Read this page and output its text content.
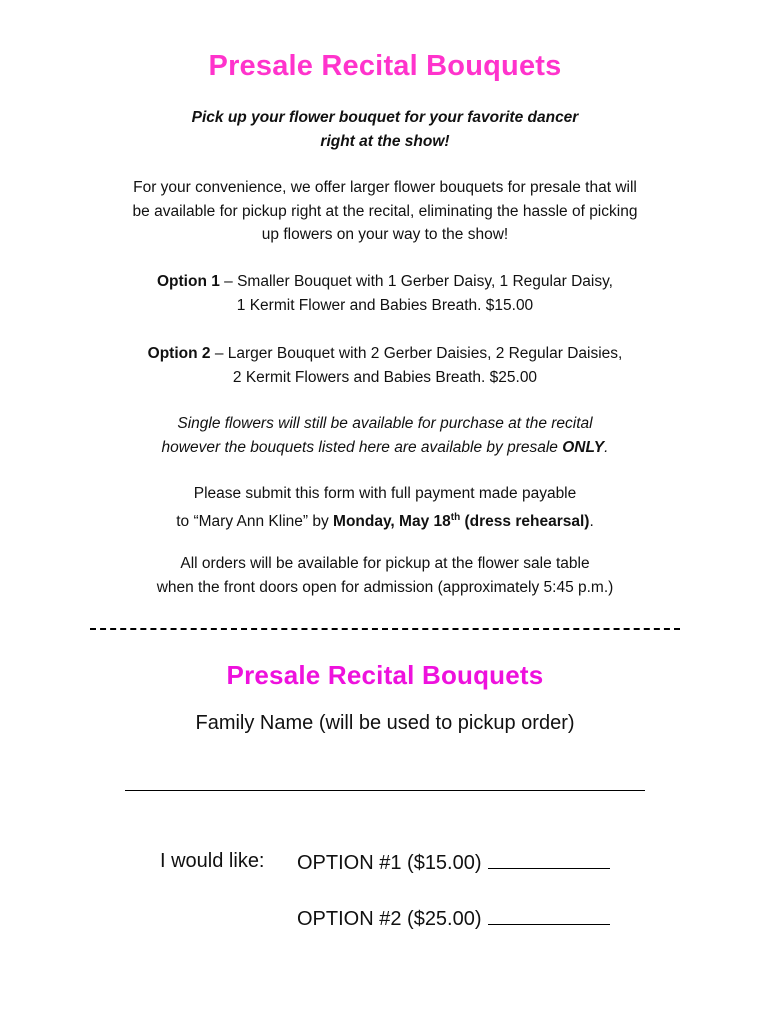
Presale Recital Bouquets
Pick up your flower bouquet for your favorite dancer
right at the show!
For your convenience, we offer larger flower bouquets for presale that will
be available for pickup right at the recital, eliminating the hassle of picking
up flowers on your way to the show!
Option 1 – Smaller Bouquet with 1 Gerber Daisy, 1 Regular Daisy,
1 Kermit Flower and Babies Breath. $15.00
Option 2 – Larger Bouquet with 2 Gerber Daisies, 2 Regular Daisies,
2 Kermit Flowers and Babies Breath. $25.00
Single flowers will still be available for purchase at the recital
however the bouquets listed here are available by presale ONLY.
Please submit this form with full payment made payable
to “Mary Ann Kline” by Monday, May 18th (dress rehearsal).
All orders will be available for pickup at the flower sale table
when the front doors open for admission (approximately 5:45 p.m.)
Presale Recital Bouquets
Family Name (will be used to pickup order)
I would like: OPTION #1 ($15.00)
OPTION #2 ($25.00)
